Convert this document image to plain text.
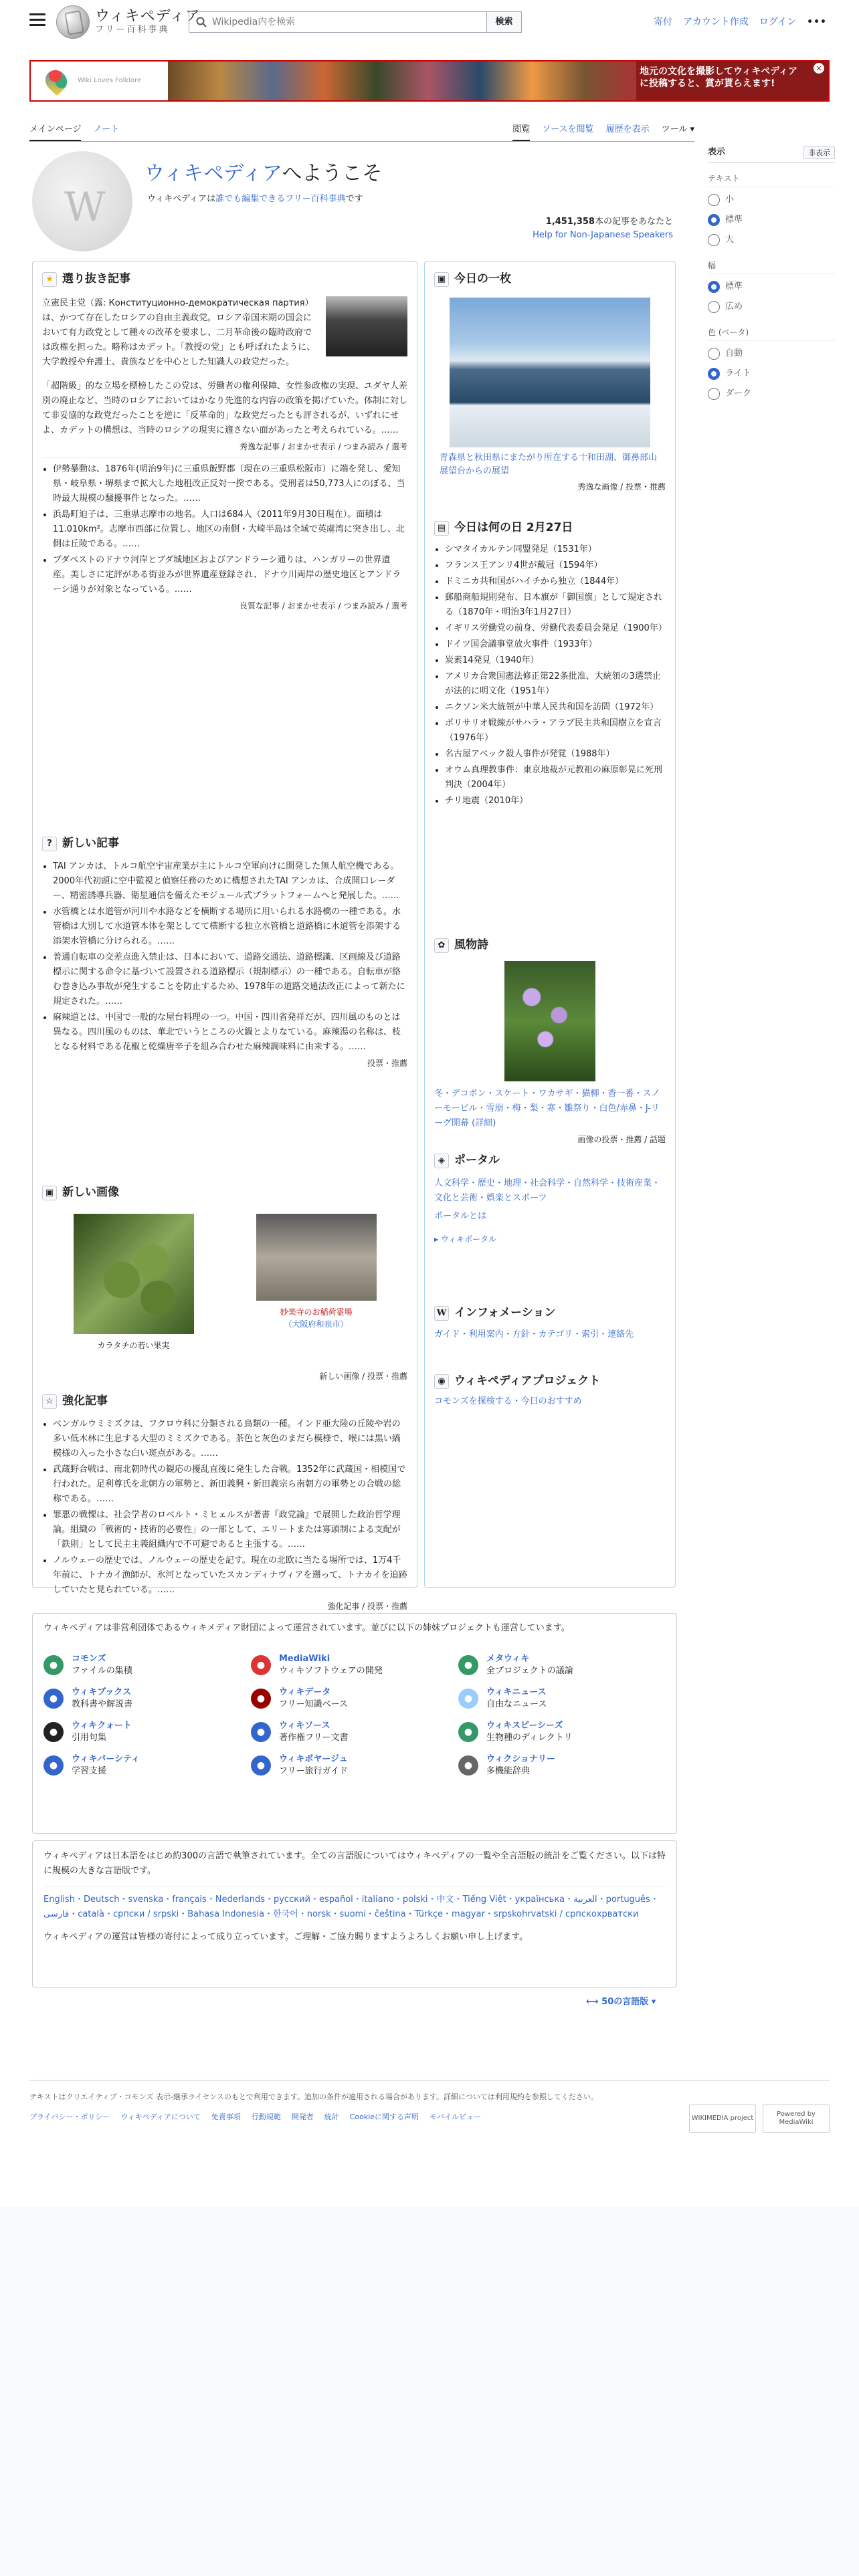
ウィキペディア
フリー百科事典
Wikipedia内を検索	検索	寄付 アカウント作成 ログイン •••
Wiki Loves Folklore
地元の文化を撮影してウィキペディア
に投稿すると、賞が貰らえます!
×
メインページ ノート	閲覧 ソースを閲覧 履歴を表示 ツール ▾
表示	非表示
テキスト
小
標準
大
幅
標準
広め
色 (ベータ)
自動
ライト
ダーク
W
ウィキペディアへようこそ
ウィキペディアは誰でも編集できるフリー百科事典です
1,451,358本の記事をあなたと
Help for Non-Japanese Speakers
★ 選り抜き記事
立憲民主党（露: Конституционно-демократическая партия）は、かつて存在したロシアの自由主義政党。ロシア帝国末期の国会において有力政党として種々の改革を要求し、二月革命後の臨時政府では政権を担った。略称はカデット。「教授の党」とも呼ばれたように、大学教授や弁護士、貴族などを中心とした知識人の政党だった。
「超階級」的な立場を標榜したこの党は、労働者の権利保障、女性参政権の実現、ユダヤ人差別の廃止など、当時のロシアにおいてはかなり先進的な内容の政策を掲げていた。体制に対して非妥協的な政党だったことを逆に「反革命的」な政党だったとも評されるが、いずれにせよ、カデットの構想は、当時のロシアの現実に適さない面があったと考えられている。……
秀逸な記事 / おまかせ表示 / つまみ読み / 選考
• 伊勢暴動は、1876年(明治9年)に三重県飯野郡（現在の三重県松阪市）に端を発し、愛知県・岐阜県・堺県まで拡大した地租改正反対一揆である。受刑者は50,773人にのぼる、当時最大規模の騒擾事件となった。……
• 浜島町迫子は、三重県志摩市の地名。人口は684人（2011年9月30日現在）。面積は11.010km²。志摩市西部に位置し、地区の南側・大崎半島は全域で英虞湾に突き出し、北側は丘陵である。……
• ブダペストのドナウ河岸とブダ城地区およびアンドラーシ通りは、ハンガリーの世界遺産。美しさに定評がある街並みが世界遺産登録され、ドナウ川両岸の歴史地区とアンドラーシ通りが対象となっている。……
良質な記事 / おまかせ表示 / つまみ読み / 選考
? 新しい記事
• TAI アンカは、トルコ航空宇宙産業が主にトルコ空軍向けに開発した無人航空機である。2000年代初頭に空中監視と偵察任務のために構想されたTAI アンカは、合成開口レーダー、精密誘導兵器、衛星通信を備えたモジュール式プラットフォームへと発展した。……
• 水管橋とは水道管が河川や水路などを横断する場所に用いられる水路橋の一種である。水管橋は大別して水道管本体を架としてて横断する独立水管橋と道路橋に水道管を添架する添架水管橋に分けられる。……
• 普通自転車の交差点進入禁止は、日本において、道路交通法、道路標識、区画線及び道路標示に関する命令に基づいて設置される道路標示（規制標示）の一種である。自転車が絡む巻き込み事故が発生することを防止するため、1978年の道路交通法改正によって新たに規定された。……
• 麻辣道とは、中国で一般的な屋台料理の一つ。中国・四川省発祥だが、四川風のものとは異なる。四川風のものは、華北でいうところの火鍋とよりなている。麻辣湯の名称は、枝となる材料である花椒と乾燥唐辛子を組み合わせた麻辣調味料に由来する。……
投票・推薦
▣ 新しい画像
カラタチの若い果実
妙楽寺のお稲荷霊場
（大阪府和泉市）
新しい画像 / 投票・推薦
☆ 強化記事
• ベンガルウミミズクは、フクロウ科に分類される鳥類の一種。インド亜大陸の丘陵や岩の多い低木林に生息する大型のミミズクである。茶色と灰色のまだら模様で、喉には黒い縞模様の入った小さな白い斑点がある。……
• 武蔵野合戦は、南北朝時代の観応の擾乱直後に発生した合戦。1352年に武蔵国・相模国で行われた。足利尊氏を北朝方の軍勢と、新田義興・新田義宗ら南朝方の軍勢との合戦の総称である。……
• 罪悪の戦慄は、社会学者のロベルト・ミヒェルスが著書『政党論』で展開した政治哲学理論。組織の「戦術的・技術的必要性」の一部として、エリートまたは寡頭制による支配が「鉄則」として民主主義組織内で不可避であると主張する。……
• ノルウェーの歴史では、ノルウェーの歴史を記す。現在の北欧に当たる場所では、1万4千年前に、トナカイ漁師が、氷河となっていたスカンディナヴィアを遡って、トナカイを追跡していたと見られている。……
強化記事 / 投票・推薦
▣ 今日の一枚
青森県と秋田県にまたがり所在する十和田湖、御鼻部山展望台からの展望
秀逸な画像 / 投票・推薦
▤ 今日は何の日 2月27日
• シマタイカルテン同盟発足（1531年）
• フランス王アンリ4世が戴冠（1594年）
• ドミニカ共和国がハイチから独立（1844年）
• 郵船商船規則発布、日本旗が「御国旗」として規定される（1870年・明治3年1月27日）
• イギリス労働党の前身、労働代表委員会発足（1900年）
• ドイツ国会議事堂放火事件（1933年）
• 炭素14発見（1940年）
• アメリカ合衆国憲法修正第22条批准、大統領の3選禁止が法的に明文化（1951年）
• ニクソン米大統領が中華人民共和国を訪問（1972年）
• ポリサリオ戦線がサハラ・アラブ民主共和国樹立を宣言（1976年）
• 名古屋アベック殺人事件が発覚（1988年）
• オウム真理教事件：東京地裁が元教祖の麻原彰晃に死刑判決（2004年）
• チリ地震（2010年）
✿ 風物詩
冬・デコポン・スケート・ワカサギ・猫柳・香一番・スノーモービル・雪崩・梅・梨・寒・雛祭り・白色/赤鼻・J-リーグ開幕 (詳細)
画像の投票・推薦 / 話題
◈ ポータル
人文科学・歴史・地理・社会科学・自然科学・技術産業・文化と芸術・娯楽とスポーツ
ポータルとは
▸ ウィキポータル
W インフォメーション
ガイド・利用案内・方針・カテゴリ・索引・連絡先
◉ ウィキペディアプロジェクト
コモンズを探検する・今日のおすすめ
ウィキペディアは非営利団体であるウィキメディア財団によって運営されています。並びに以下の姉妹プロジェクトも運営しています。
●
コモンズ
ファイルの集積
●
MediaWiki
ウィキソフトウェアの開発
●
メタウィキ
全プロジェクトの議論
●
ウィキブックス
教科書や解説書
●
ウィキデータ
フリー知識ベース
●
ウィキニュース
自由なニュース
●
ウィキクォート
引用句集
●
ウィキソース
著作権フリー文書
●
ウィキスピーシーズ
生物種のディレクトリ
●
ウィキバーシティ
学習支援
●
ウィキボヤージュ
フリー旅行ガイド
●
ウィクショナリー
多機能辞典
ウィキペディアは日本語をはじめ約300の言語で執筆されています。全ての言語版についてはウィキペディアの一覧や全言語版の統計をご覧ください。以下は特に規模の大きな言語版です。
English・Deutsch・svenska・français・Nederlands・русский・español・italiano・polski・中文・Tiếng Việt・українська・العربية・português・فارسی・català・српски / srpski・Bahasa Indonesia・한국어・norsk・suomi・čeština・Türkçe・magyar・srpskohrvatski / српскохрватски
ウィキペディアの運営は皆様の寄付によって成り立っています。ご理解・ご協力賜りますようよろしくお願い申し上げます。
⟷ 50の言語版 ▾
テキストはクリエイティブ・コモンズ 表示-継承ライセンスのもとで利用できます。追加の条件が適用される場合があります。詳細については利用規約を参照してください。
プライバシー・ポリシー ウィキペディアについて 免責事項 行動規範 開発者 統計 Cookieに関する声明 モバイルビュー	WIKIMEDIA project
Powered by MediaWiki
